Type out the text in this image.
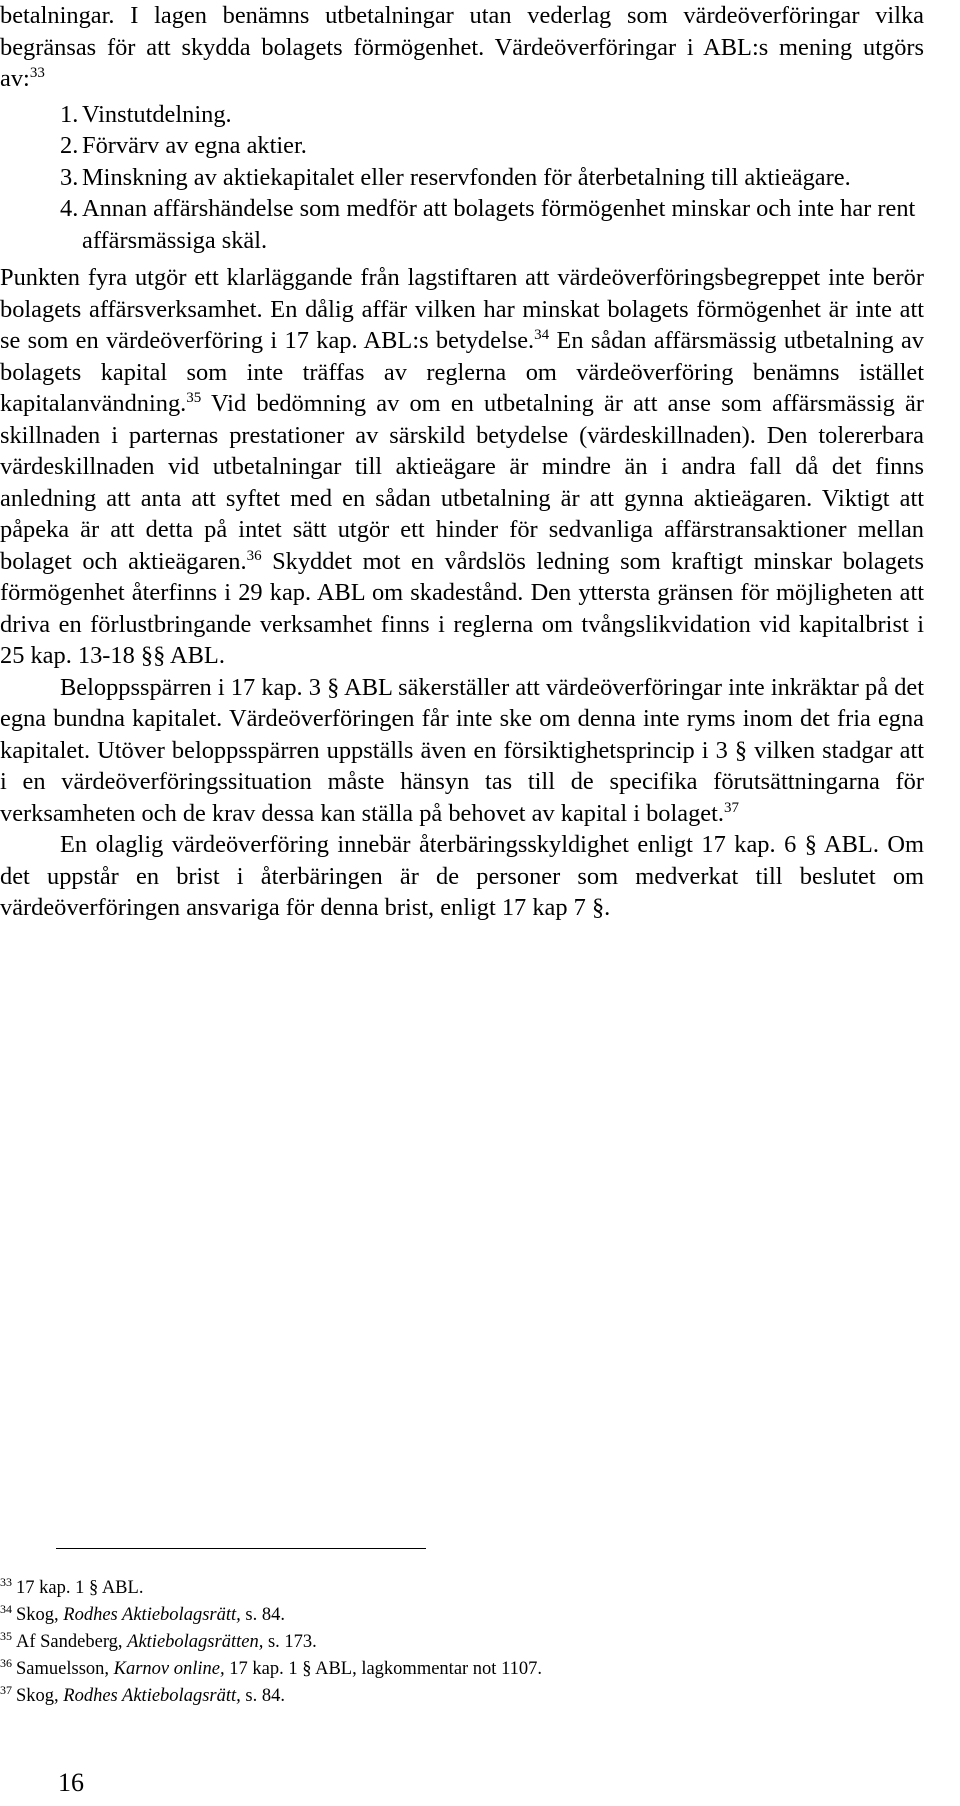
betalningar. I lagen benämns utbetalningar utan vederlag som värdeöverföringar vilka begränsas för att skydda bolagets förmögenhet. Värdeöverföringar i ABL:s mening utgörs av:$^{33}$

1. Vinstutdelning.
2. Förvärv av egna aktier.
3. Minskning av aktiekapitalet eller reservfonden för återbetalning till aktieägare.
4. Annan affärshändelse som medför att bolagets förmögenhet minskar och inte har rent affärsmässiga skäl.

Punkten fyra utgör ett klarläggande från lagstiftaren att värdeöverföringsbegreppet inte berör bolagets affärsverksamhet. En dålig affär vilken har minskat bolagets förmögenhet är inte att se som en värdeöverföring i 17 kap. ABL:s betydelse.$^{34}$ En sådan affärsmässig utbetalning av bolagets kapital som inte träffas av reglerna om värdeöverföring benämns istället kapitalanvändning.$^{35}$ Vid bedömning av om en utbetalning är att anse som affärsmässig är skillnaden i parternas prestationer av särskild betydelse (värdeskillnaden). Den tolererbara värdeskillnaden vid utbetalningar till aktieägare är mindre än i andra fall då det finns anledning att anta att syftet med en sådan utbetalning är att gynna aktieägaren. Viktigt att påpeka är att detta på intet sätt utgör ett hinder för sedvanliga affärstransaktioner mellan bolaget och aktieägaren.$^{36}$ Skyddet mot en vårdslös ledning som kraftigt minskar bolagets förmögenhet återfinns i 29 kap. ABL om skadestånd. Den yttersta gränsen för möjligheten att driva en förlustbringande verksamhet finns i reglerna om tvångslikvidation vid kapitalbrist i 25 kap. 13-18 §§ ABL.

Beloppsspärren i 17 kap. 3 § ABL säkerställer att värdeöverföringar inte inkräktar på det egna bundna kapitalet. Värdeöverföringen får inte ske om denna inte ryms inom det fria egna kapitalet. Utöver beloppsspärren uppställs även en försiktighetsprincip i 3 § vilken stadgar att i en värdeöverföringssituation måste hänsyn tas till de specifika förutsättningarna för verksamheten och de krav dessa kan ställa på behovet av kapital i bolaget.$^{37}$

En olaglig värdeöverföring innebär återbäringsskyldighet enligt 17 kap. 6 § ABL. Om det uppstår en brist i återbäringen är de personer som medverkat till beslutet om värdeöverföringen ansvariga för denna brist, enligt 17 kap 7 §.

$^{33}$ 17 kap. 1 § ABL.
$^{34}$ Skog, Rodhes Aktiebolagsrätt, s. 84.
$^{35}$ Af Sandeberg, Aktiebolagsrätten, s. 173.
$^{36}$ Samuelsson, Karnov online, 17 kap. 1 § ABL, lagkommentar not 1107.
$^{37}$ Skog, Rodhes Aktiebolagsrätt, s. 84.
16
